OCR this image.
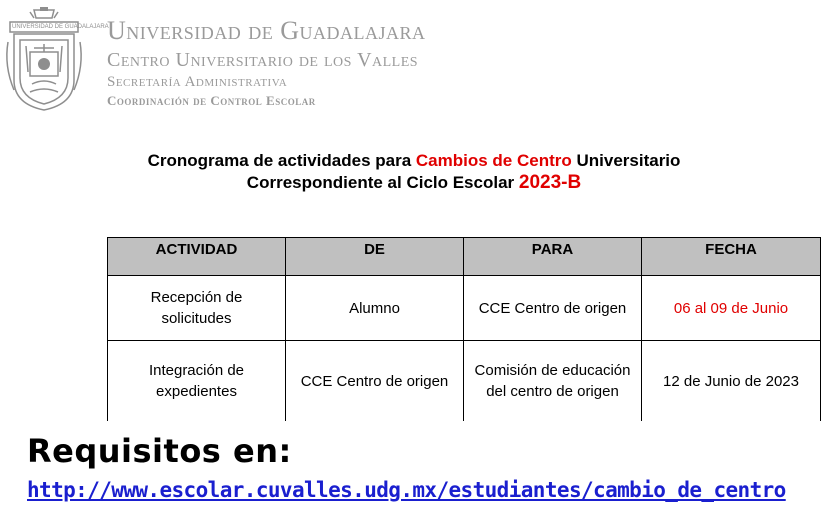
UNIVERSIDAD DE GUADALAJARA
Universidad de Guadalajara
Centro Universitario de los Valles
Secretaría Administrativa
Coordinación de Control Escolar
Cronograma de actividades para Cambios de Centro Universitario
Correspondiente al Ciclo Escolar 2023-B
ACTIVIDAD	DE	PARA	FECHA
Recepción de solicitudes	Alumno	CCE Centro de origen	06 al 09 de Junio
Integración de expedientes	CCE Centro de origen	Comisión de educación del centro de origen	12 de Junio de 2023
Requisitos en:
http://www.escolar.cuvalles.udg.mx/estudiantes/cambio_de_centro
